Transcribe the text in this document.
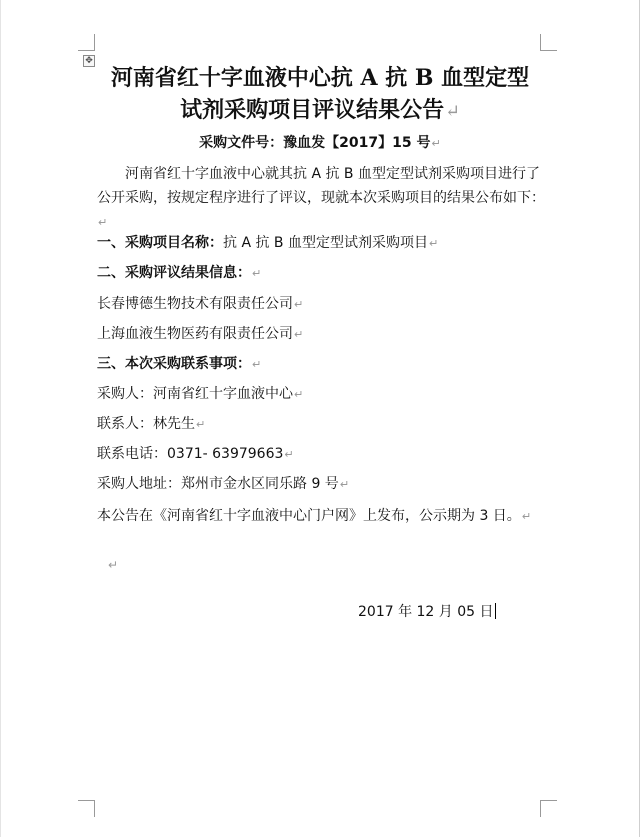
✥
河南省红十字血液中心抗 A 抗 B 血型定型
试剂采购项目评议结果公告↵
采购文件号：豫血发【2017】15 号↵
河南省红十字血液中心就其抗 A 抗 B 血型定型试剂采购项目进行了公开采购，按规定程序进行了评议，现就本次采购项目的结果公布如下：↵
一、采购项目名称：抗 A 抗 B 血型定型试剂采购项目↵
二、采购评议结果信息：↵
长春博德生物技术有限责任公司↵
上海血液生物医药有限责任公司↵
三、本次采购联系事项：↵
采购人：河南省红十字血液中心↵
联系人：林先生↵
联系电话：0371- 63979663↵
采购人地址：郑州市金水区同乐路 9 号↵
本公告在《河南省红十字血液中心门户网》上发布，公示期为 3 日。↵
↵
2017 年 12 月 05 日
